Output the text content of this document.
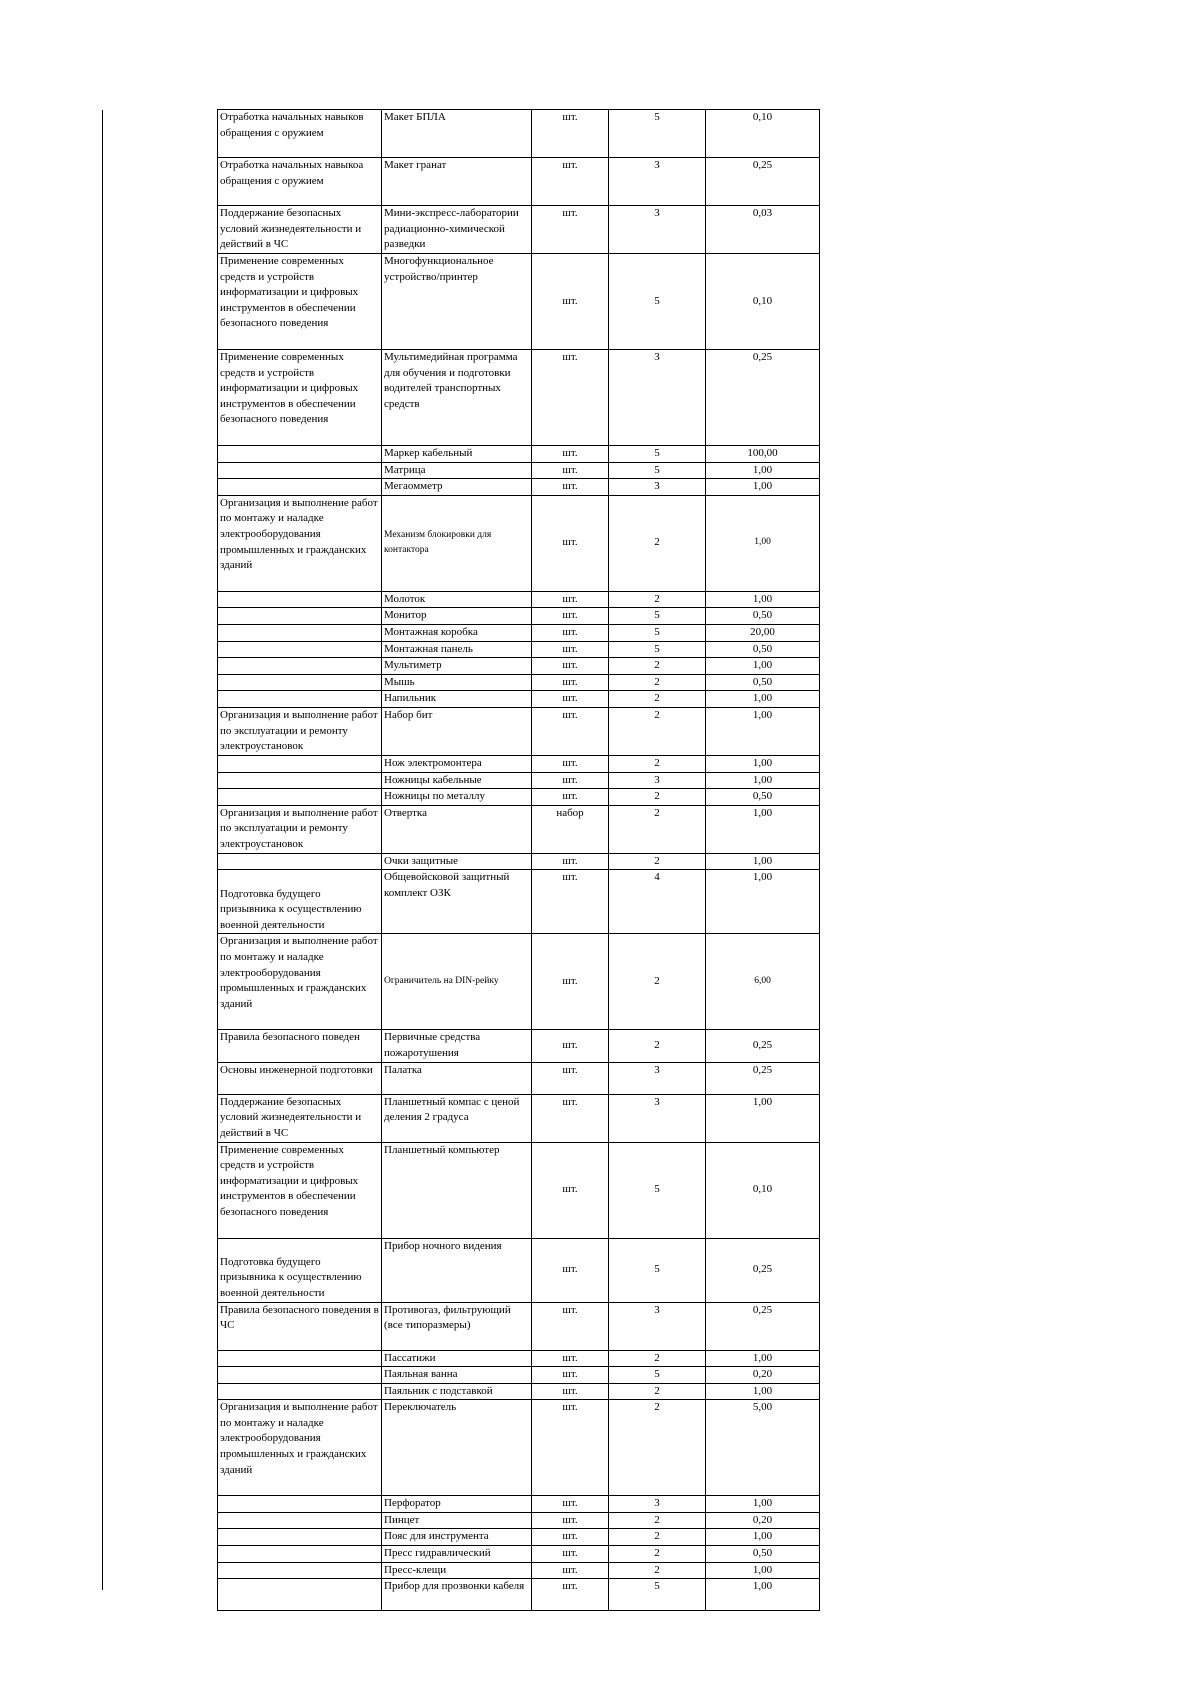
Отработка начальных навыков обращения с оружием	Макет БПЛА	шт.	5	0,10
Отработка начальных навыкоа обращения с оружием	Макет гранат	шт.	3	0,25
Поддержание безопасных условий жизнедеятельности и действий в ЧС	Мини-экспресс-лаборатории радиационно-химической разведки	шт.	3	0,03
Применение современных средств и устройств информатизации и цифровых инструментов в обеспечении безопасного поведения	Многофункциональное устройство/принтер	шт.	5	0,10
Применение современных средств и устройств информатизации и цифровых инструментов в обеспечении безопасного поведения	Мультимедийная программа для обучения и подготовки водителей транспортных средств	шт.	3	0,25
	Маркер кабельный	шт.	5	100,00
	Матрица	шт.	5	1,00
	Мегаомметр	шт.	3	1,00
Организация и выполнение работ по монтажу и наладке электрооборудования промышленных и гражданских зданий	Механизм блокировки для контактора	шт.	2	1,00
	Молоток	шт.	2	1,00
	Монитор	шт.	5	0,50
	Монтажная коробка	шт.	5	20,00
	Монтажная панель	шт.	5	0,50
	Мультиметр	шт.	2	1,00
	Мышь	шт.	2	0,50
	Напильник	шт.	2	1,00
Организация и выполнение работ по эксплуатации и ремонту электроустановок	Набор бит	шт.	2	1,00
	Нож электромонтера	шт.	2	1,00
	Ножницы кабельные	шт.	3	1,00
	Ножницы по металлу	шт.	2	0,50
Организация и выполнение работ по эксплуатации и ремонту электроустановок	Отвертка	набор	2	1,00
	Очки защитные	шт.	2	1,00
Подготовка будущего призывника к осуществлению военной деятельности	Общевойсковой защитный комплект ОЗК	шт.	4	1,00
Организация и выполнение работ по монтажу и наладке электрооборудования промышленных и гражданских зданий	Ограничитель на DIN-рейку	шт.	2	6,00
Правила безопасного поведен	Первичные средства пожаротушения	шт.	2	0,25
Основы инженерной подготовки	Палатка	шт.	3	0,25
Поддержание безопасных условий жизнедеятельности и действий в ЧС	Планшетный компас с ценой деления 2 градуса	шт.	3	1,00
Применение современных средств и устройств информатизации и цифровых инструментов в обеспечении безопасного поведения	Планшетный компьютер	шт.	5	0,10
Подготовка будущего призывника к осуществлению военной деятельности	Прибор ночного видения	шт.	5	0,25
Правила безопасного поведения в ЧС	Противогаз, фильтрующий (все типоразмеры)	шт.	3	0,25
	Пассатижи	шт.	2	1,00
	Паяльная ванна	шт.	5	0,20
	Паяльник с подставкой	шт.	2	1,00
Организация и выполнение работ по монтажу и наладке электрооборудования промышленных и гражданских зданий	Переключатель	шт.	2	5,00
	Перфоратор	шт.	3	1,00
	Пинцет	шт.	2	0,20
	Пояс для инструмента	шт.	2	1,00
	Пресс гидравлический	шт.	2	0,50
	Пресс-клещи	шт.	2	1,00
	Прибор для прозвонки кабеля	шт.	5	1,00
